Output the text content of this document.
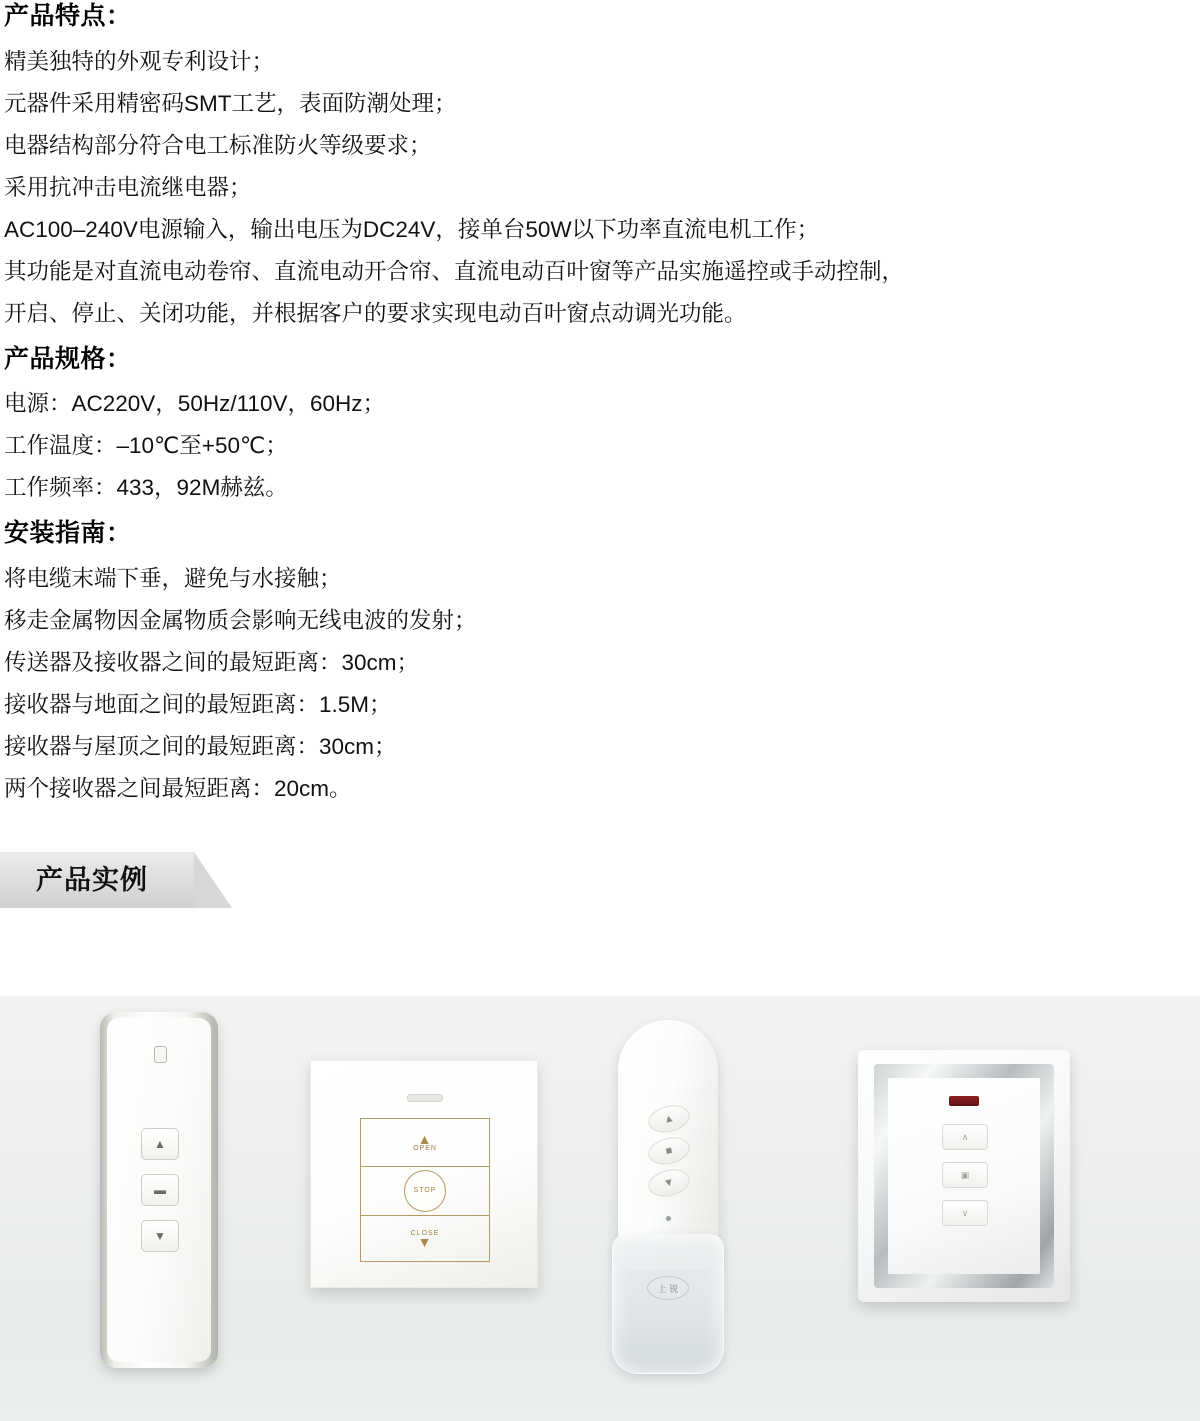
产品特点：
精美独特的外观专利设计；
元器件采用精密码SMT工艺，表面防潮处理；
电器结构部分符合电工标准防火等级要求；
采用抗冲击电流继电器；
AC100–240V电源输入，输出电压为DC24V，接单台50W以下功率直流电机工作；
其功能是对直流电动卷帘、直流电动开合帘、直流电动百叶窗等产品实施遥控或手动控制，
开启、停止、关闭功能，并根据客户的要求实现电动百叶窗点动调光功能。
产品规格：
电源：AC220V，50Hz/110V，60Hz；
工作温度：–10℃至+50℃；
工作频率：433，92M赫兹。
安装指南：
将电缆末端下垂，避免与水接触；
移走金属物因金属物质会影响无线电波的发射；
传送器及接收器之间的最短距离：30cm；
接收器与地面之间的最短距离：1.5M；
接收器与屋顶之间的最短距离：30cm；
两个接收器之间最短距离：20cm。
产品实例
▲
▬
▼
▲
OPEN
STOP
CLOSE
▼
▲
■
▼
上 锐
∧
▣
∨
